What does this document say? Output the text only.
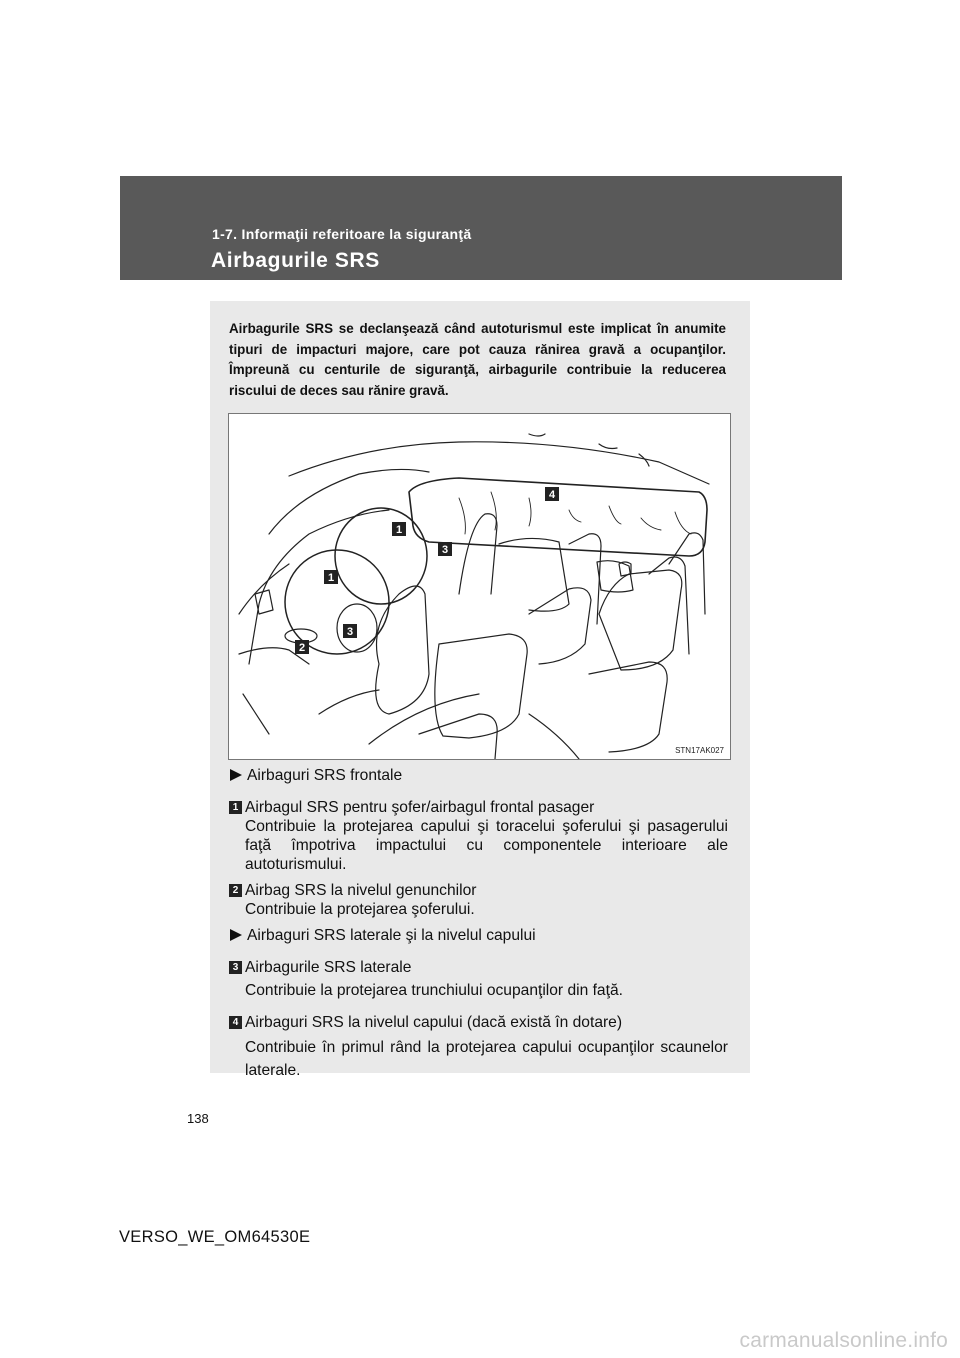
1-7. Informaţii referitoare la siguranţă
Airbagurile SRS
Airbagurile SRS se declanşează când autoturismul este implicat în anumite tipuri de impacturi majore, care pot cauza rănirea gravă a ocupanţilor. Împreună cu centurile de siguranţă, airbagurile contribuie la reducerea riscului de deces sau rănire gravă.
1
1
2
3
3
4
STN17AK027
Airbaguri SRS frontale
1 Airbagul SRS pentru şofer/airbagul frontal pasager
Contribuie la protejarea capului şi toracelui şoferului şi pasagerului faţă împotriva impactului cu componentele interioare ale autoturismului.
2 Airbag SRS la nivelul genunchilor
Contribuie la protejarea şoferului.
Airbaguri SRS laterale şi la nivelul capului
3 Airbagurile SRS laterale
Contribuie la protejarea trunchiului ocupanţilor din faţă.
4 Airbaguri SRS la nivelul capului (dacă există în dotare)
Contribuie în primul rând la protejarea capului ocupanţilor scaunelor laterale.
138
VERSO_WE_OM64530E
carmanualsonline.info
